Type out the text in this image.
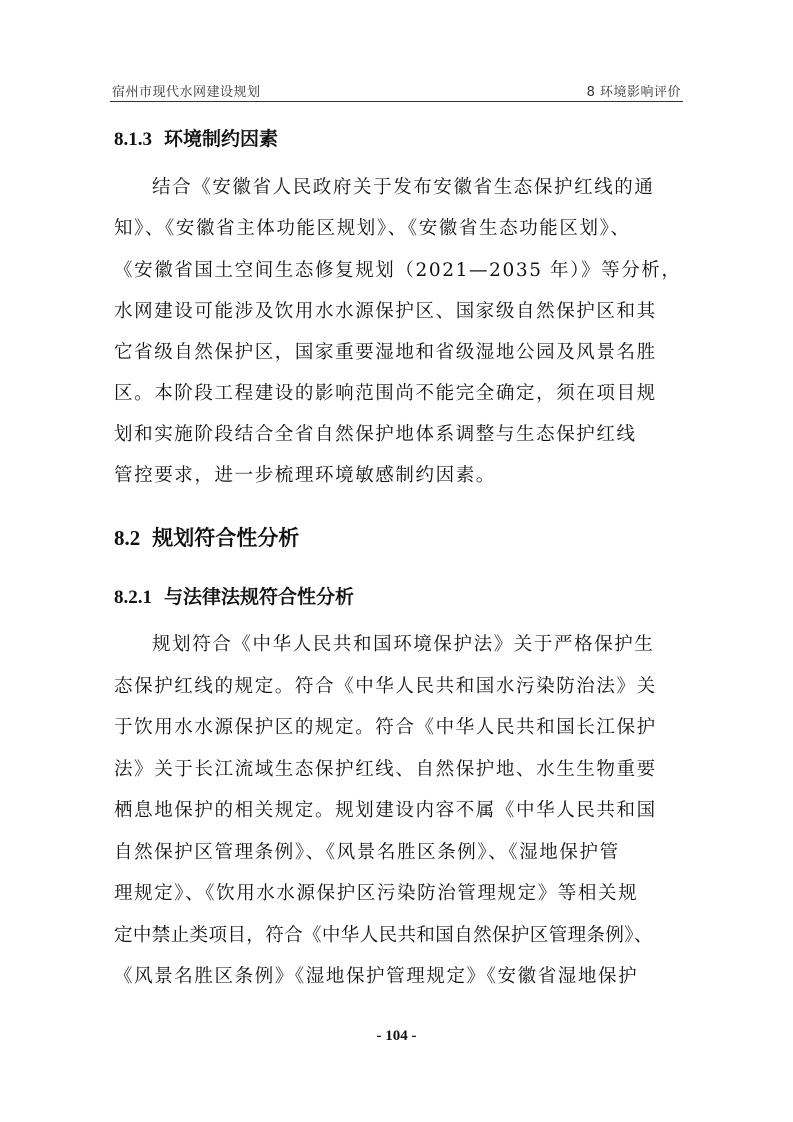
宿州市现代水网建设规划	8 环境影响评价
8.1.3 环境制约因素
结合《安徽省人民政府关于发布安徽省生态保护红线的通
知》、《安徽省主体功能区规划》、《安徽省生态功能区划》、
《安徽省国土空间生态修复规划（2021—2035 年）》等分析，
水网建设可能涉及饮用水水源保护区、国家级自然保护区和其
它省级自然保护区，国家重要湿地和省级湿地公园及风景名胜
区。本阶段工程建设的影响范围尚不能完全确定，须在项目规
划和实施阶段结合全省自然保护地体系调整与生态保护红线
管控要求，进一步梳理环境敏感制约因素。
8.2 规划符合性分析
8.2.1 与法律法规符合性分析
规划符合《中华人民共和国环境保护法》关于严格保护生
态保护红线的规定。符合《中华人民共和国水污染防治法》关
于饮用水水源保护区的规定。符合《中华人民共和国长江保护
法》关于长江流域生态保护红线、自然保护地、水生生物重要
栖息地保护的相关规定。规划建设内容不属《中华人民共和国
自然保护区管理条例》、《风景名胜区条例》、《湿地保护管
理规定》、《饮用水水源保护区污染防治管理规定》等相关规
定中禁止类项目，符合《中华人民共和国自然保护区管理条例》、
《风景名胜区条例》《湿地保护管理规定》《安徽省湿地保护
- 104 -
